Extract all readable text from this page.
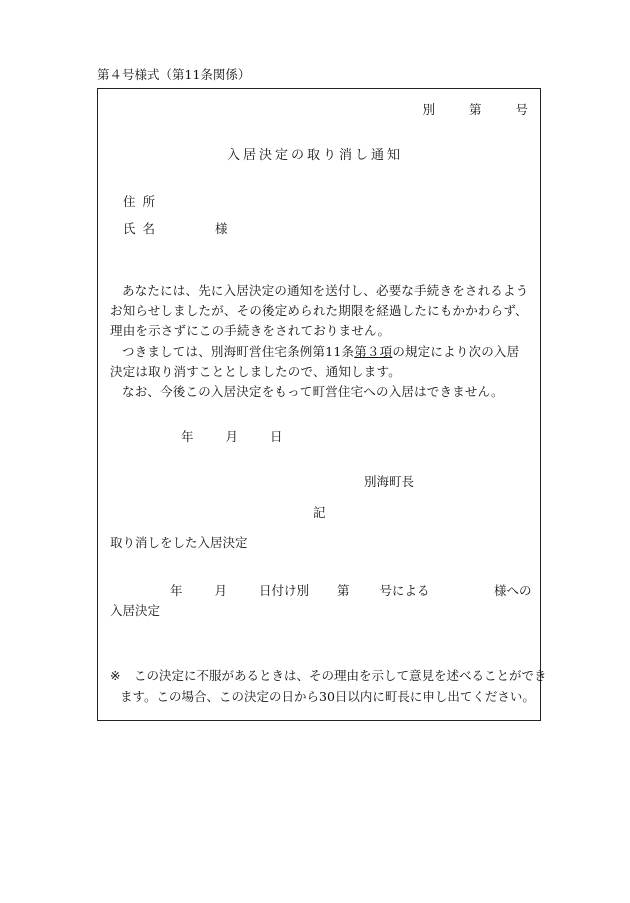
第４号様式（第11条関係）
別	第	号
入居決定の取り消し通知
住所
氏名	様
あなたには、先に入居決定の通知を送付し、必要な手続きをされるようお知らせしましたが、その後定められた期限を経過したにもかかわらず、理由を示さずにこの手続きをされておりません。
つきましては、別海町営住宅条例第11条第３項の規定により次の入居決定は取り消すこととしましたので、通知します。
なお、今後この入居決定をもって町営住宅への入居はできません。
年	月	日
別海町長
記
取り消しをした入居決定
年	月	日付け別 第 号による	様への
入居決定
※ この決定に不服があるときは、その理由を示して意見を述べることができ
ます。この場合、この決定の日から30日以内に町長に申し出てください。
